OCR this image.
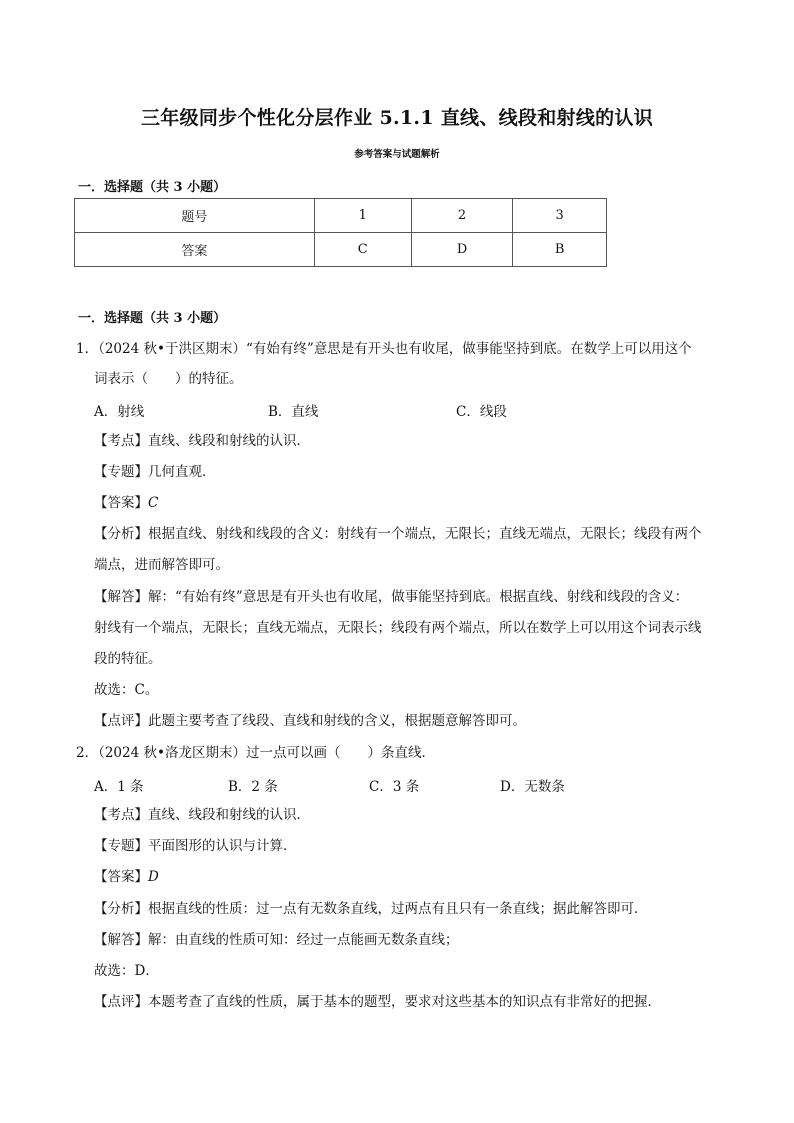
三年级同步个性化分层作业 5.1.1 直线、线段和射线的认识
参考答案与试题解析
一．选择题（共 3 小题）
题号	1	2	3
答案	C	D	B
一．选择题（共 3 小题）
1．（2024 秋•于洪区期末）“有始有终”意思是有开头也有收尾，做事能坚持到底。在数学上可以用这个
词表示（　　）的特征。
A．射线	B．直线	C．线段
【考点】直线、线段和射线的认识．
【专题】几何直观．
【答案】C
【分析】根据直线、射线和线段的含义：射线有一个端点，无限长；直线无端点，无限长；线段有两个
端点，进而解答即可。
【解答】解：“有始有终”意思是有开头也有收尾，做事能坚持到底。根据直线、射线和线段的含义：
射线有一个端点，无限长；直线无端点，无限长；线段有两个端点，所以在数学上可以用这个词表示线
段的特征。
故选：C。
【点评】此题主要考查了线段、直线和射线的含义，根据题意解答即可。
2．（2024 秋•洛龙区期末）过一点可以画（　　）条直线．
A．1 条	B．2 条	C．3 条	D．无数条
【考点】直线、线段和射线的认识．
【专题】平面图形的认识与计算．
【答案】D
【分析】根据直线的性质：过一点有无数条直线，过两点有且只有一条直线；据此解答即可．
【解答】解：由直线的性质可知：经过一点能画无数条直线；
故选：D．
【点评】本题考查了直线的性质，属于基本的题型，要求对这些基本的知识点有非常好的把握．
